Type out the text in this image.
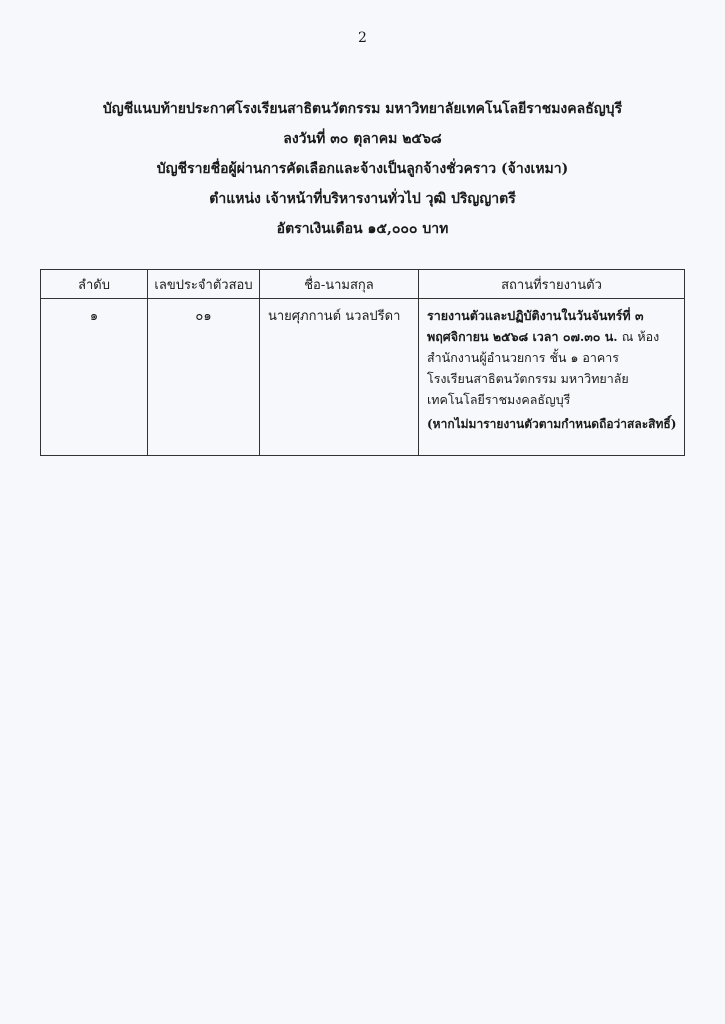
2
บัญชีแนบท้ายประกาศโรงเรียนสาธิตนวัตกรรม มหาวิทยาลัยเทคโนโลยีราชมงคลธัญบุรี
ลงวันที่ ๓๐ ตุลาคม ๒๕๖๘
บัญชีรายชื่อผู้ผ่านการคัดเลือกและจ้างเป็นลูกจ้างชั่วคราว (จ้างเหมา)
ตำแหน่ง เจ้าหน้าที่บริหารงานทั่วไป วุฒิ ปริญญาตรี
อัตราเงินเดือน ๑๕,๐๐๐ บาท
ลำดับ	เลขประจำตัวสอบ	ชื่อ-นามสกุล	สถานที่รายงานตัว
๑	๐๑	นายศุภกานต์ นวลปรีดา	รายงานตัวและปฏิบัติงานในวันจันทร์ที่ ๓ พฤศจิกายน ๒๕๖๘ เวลา ๐๗.๓๐ น. ณ ห้องสำนักงานผู้อำนวยการ ชั้น ๑ อาคาร โรงเรียนสาธิตนวัตกรรม มหาวิทยาลัยเทคโนโลยีราชมงคลธัญบุรี
(หากไม่มารายงานตัวตามกำหนดถือว่าสละสิทธิ์)
